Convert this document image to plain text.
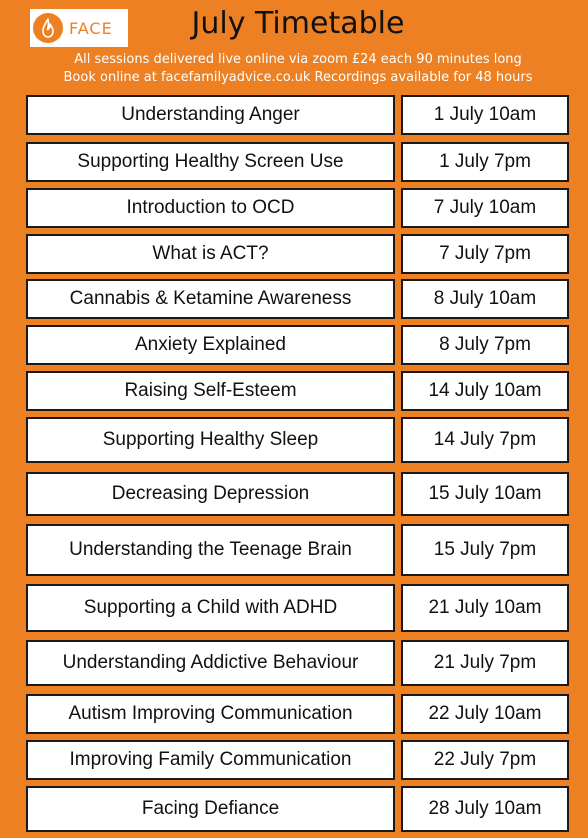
FACE	July Timetable
All sessions delivered live online via zoom £24 each 90 minutes long
Book online at facefamilyadvice.co.uk Recordings available for 48 hours
Understanding Anger	1 July 10am
Supporting Healthy Screen Use	1 July 7pm
Introduction to OCD	7 July 10am
What is ACT?	7 July 7pm
Cannabis & Ketamine Awareness	8 July 10am
Anxiety Explained	8 July 7pm
Raising Self-Esteem	14 July 10am
Supporting Healthy Sleep	14 July 7pm
Decreasing Depression	15 July 10am
Understanding the Teenage Brain	15 July 7pm
Supporting a Child with ADHD	21 July 10am
Understanding Addictive Behaviour	21 July 7pm
Autism Improving Communication	22 July 10am
Improving Family Communication	22 July 7pm
Facing Defiance	28 July 10am
